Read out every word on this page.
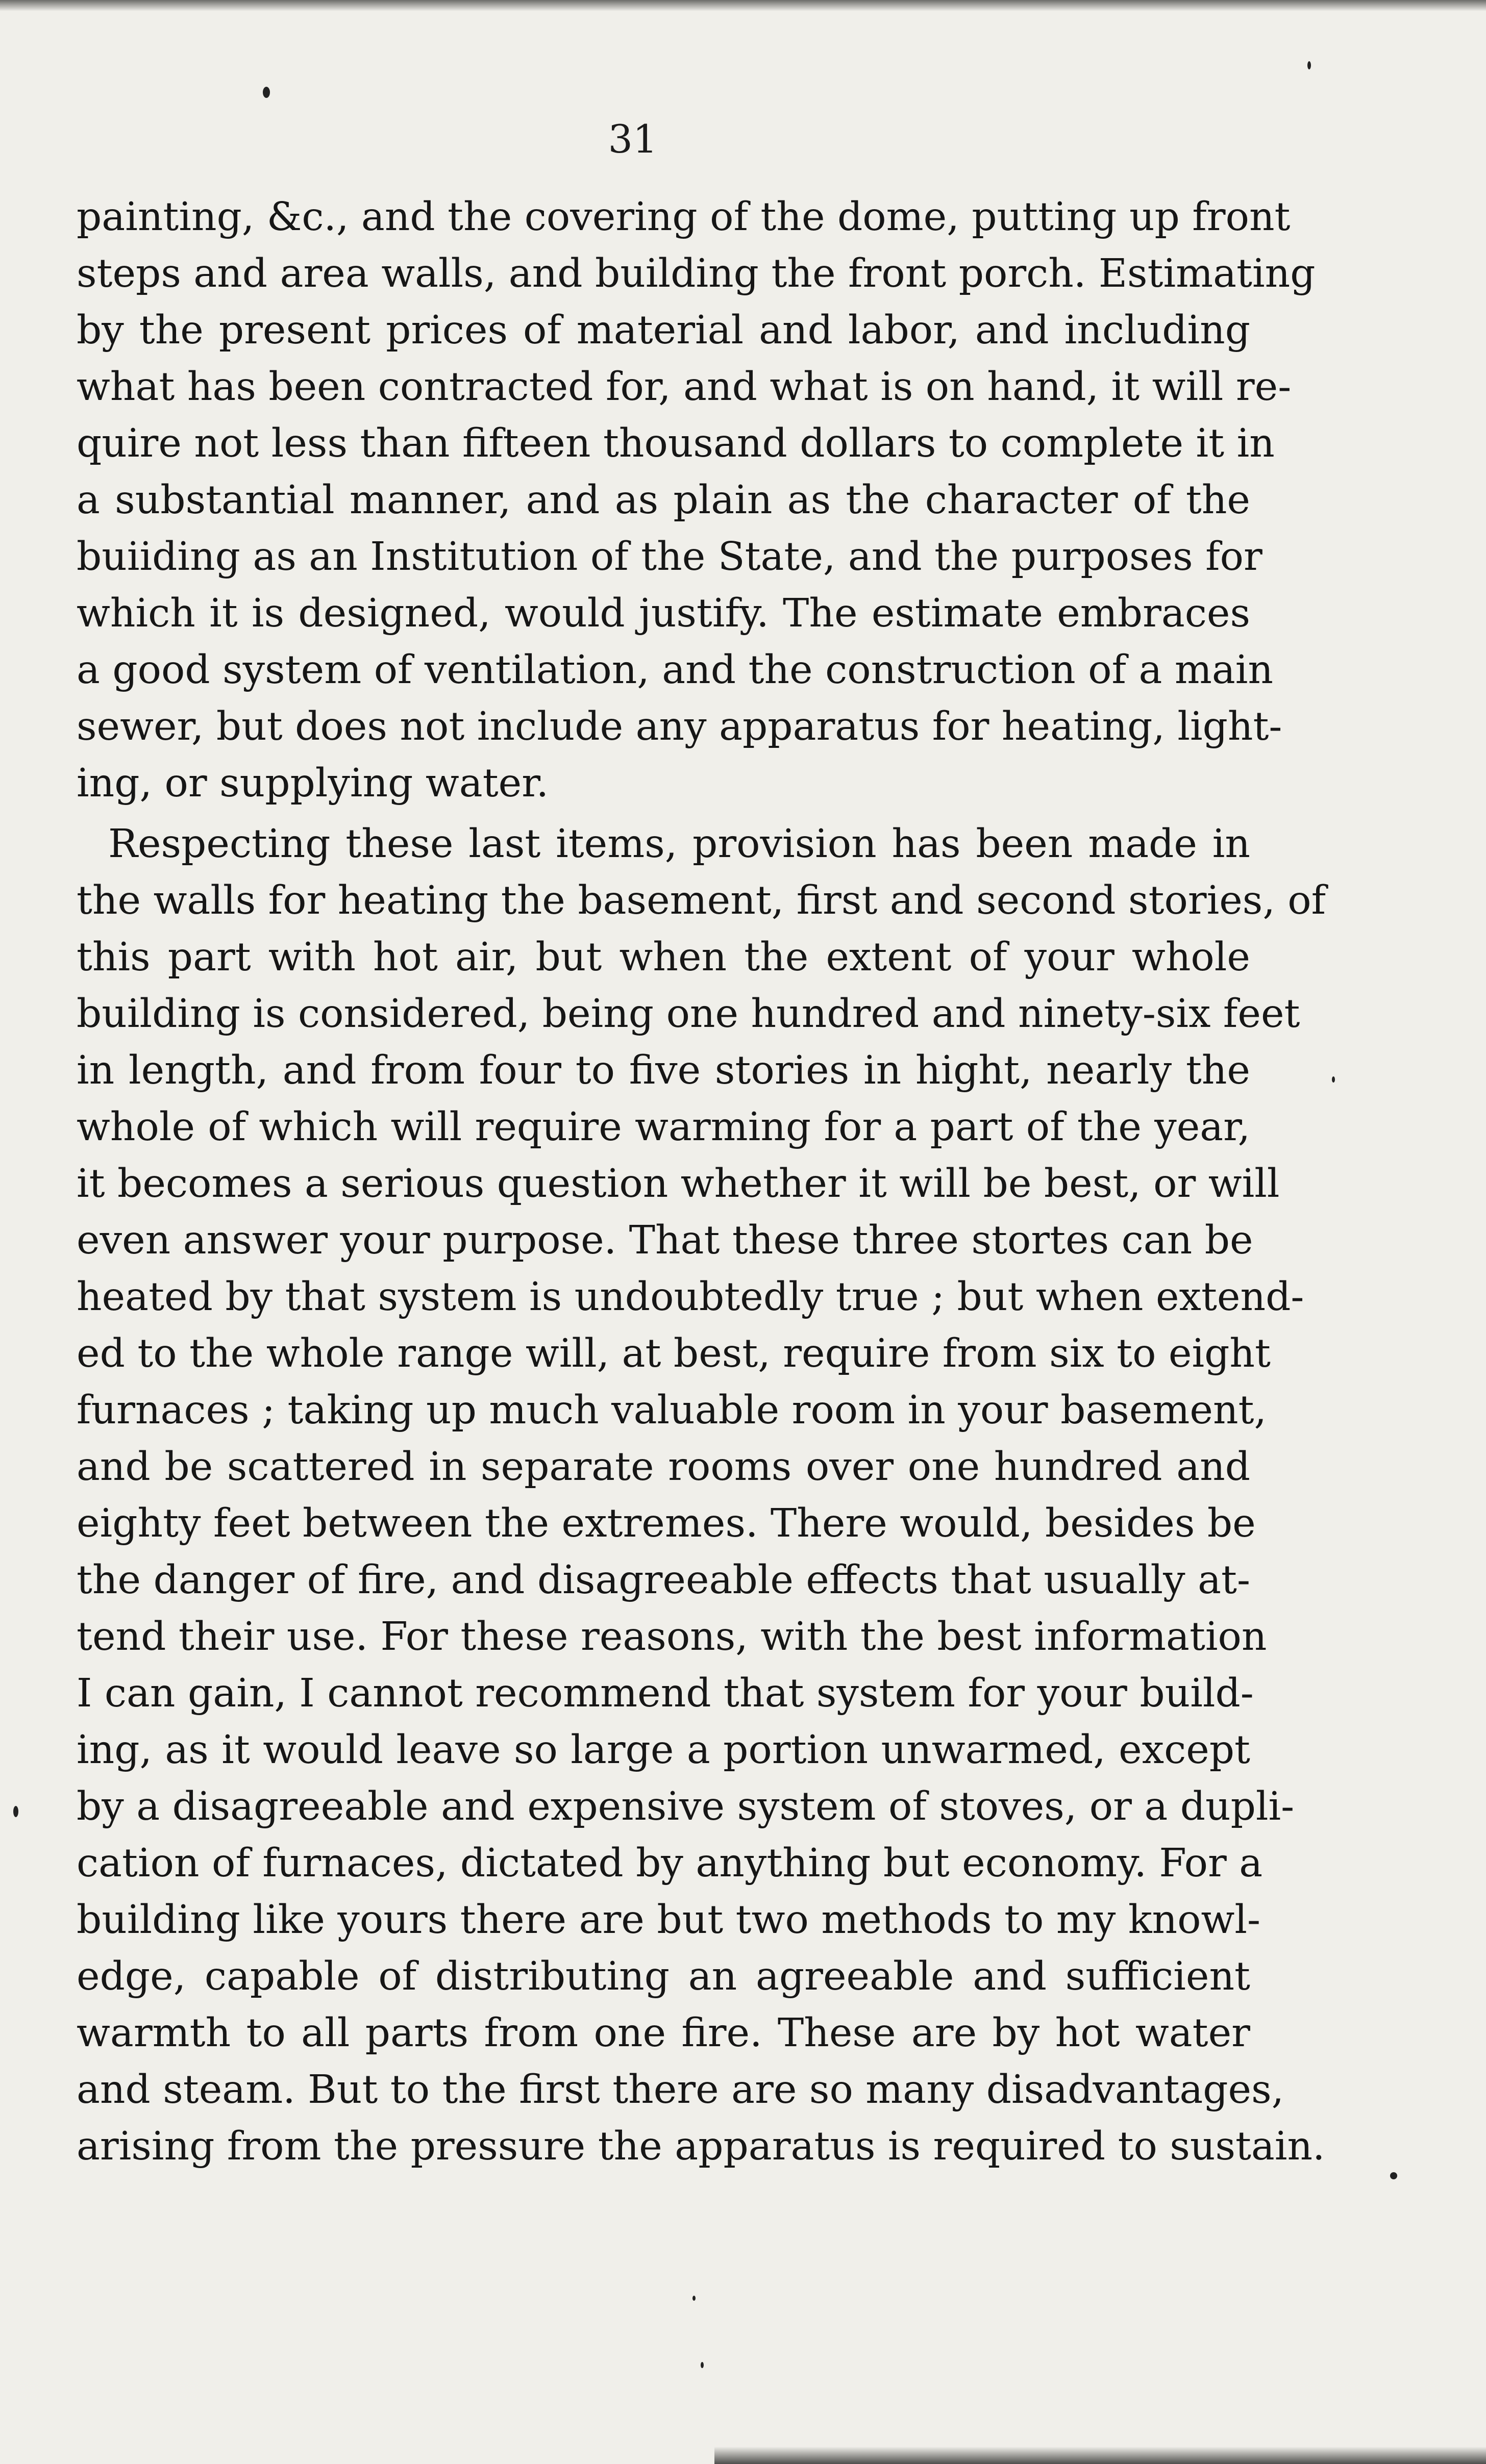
31

painting, &c., and the covering of the dome, putting up front
steps and area walls, and building the front porch. Estimating
by the present prices of material and labor, and including
what has been contracted for, and what is on hand, it will re-
quire not less than fifteen thousand dollars to complete it in
a substantial manner, and as plain as the character of the
buiiding as an Institution of the State, and the purposes for
which it is designed, would justify. The estimate embraces
a good system of ventilation, and the construction of a main
sewer, but does not include any apparatus for heating, light-
ing, or supplying water.

Respecting these last items, provision has been made in
the walls for heating the basement, first and second stories, of
this part with hot air, but when the extent of your whole
building is considered, being one hundred and ninety-six feet
in length, and from four to five stories in hight, nearly the
whole of which will require warming for a part of the year,
it becomes a serious question whether it will be best, or will
even answer your purpose. That these three stortes can be
heated by that system is undoubtedly true ; but when extend-
ed to the whole range will, at best, require from six to eight
furnaces ; taking up much valuable room in your basement,
and be scattered in separate rooms over one hundred and
eighty feet between the extremes. There would, besides be
the danger of fire, and disagreeable effects that usually at-
tend their use. For these reasons, with the best information
I can gain, I cannot recommend that system for your build-
ing, as it would leave so large a portion unwarmed, except
by a disagreeable and expensive system of stoves, or a dupli-
cation of furnaces, dictated by anything but economy. For a
building like yours there are but two methods to my knowl-
edge, capable of distributing an agreeable and sufficient
warmth to all parts from one fire. These are by hot water
and steam. But to the first there are so many disadvantages,
arising from the pressure the apparatus is required to sustain.
